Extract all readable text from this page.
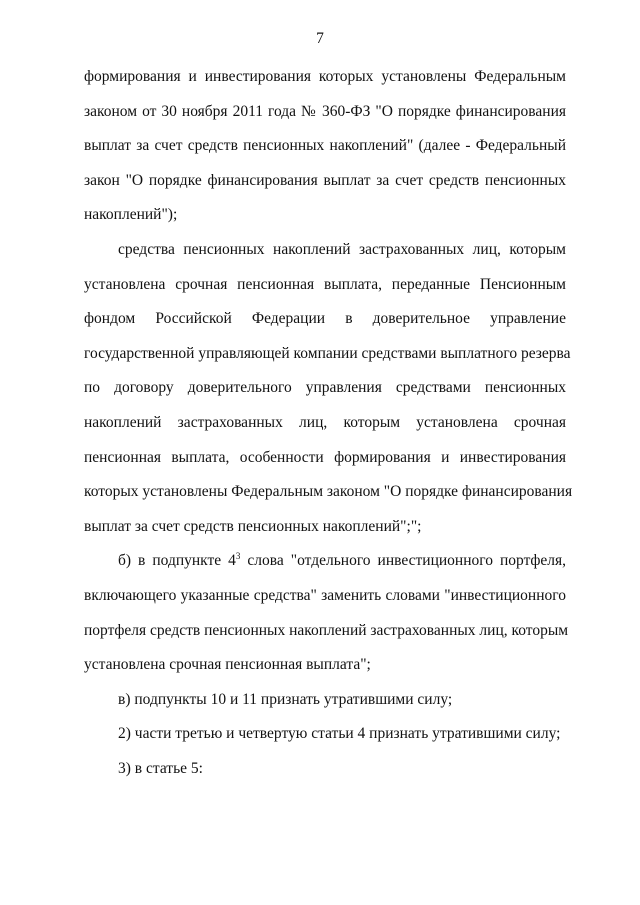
7
формирования и инвестирования которых установлены Федеральным
законом от 30 ноября 2011 года № 360-ФЗ "О порядке финансирования
выплат за счет средств пенсионных накоплений" (далее - Федеральный
закон "О порядке финансирования выплат за счет средств пенсионных
накоплений");
средства пенсионных накоплений застрахованных лиц, которым
установлена срочная пенсионная выплата, переданные Пенсионным
фондом Российской Федерации в доверительное управление
государственной управляющей компании средствами выплатного резерва
по договору доверительного управления средствами пенсионных
накоплений застрахованных лиц, которым установлена срочная
пенсионная выплата, особенности формирования и инвестирования
которых установлены Федеральным законом "О порядке финансирования
выплат за счет средств пенсионных накоплений";";
б) в подпункте $4^3$ слова "отдельного инвестиционного портфеля,
включающего указанные средства" заменить словами "инвестиционного
портфеля средств пенсионных накоплений застрахованных лиц, которым
установлена срочная пенсионная выплата";
в) подпункты 10 и 11 признать утратившими силу;
2) части третью и четвертую статьи 4 признать утратившими силу;
3) в статье 5:
